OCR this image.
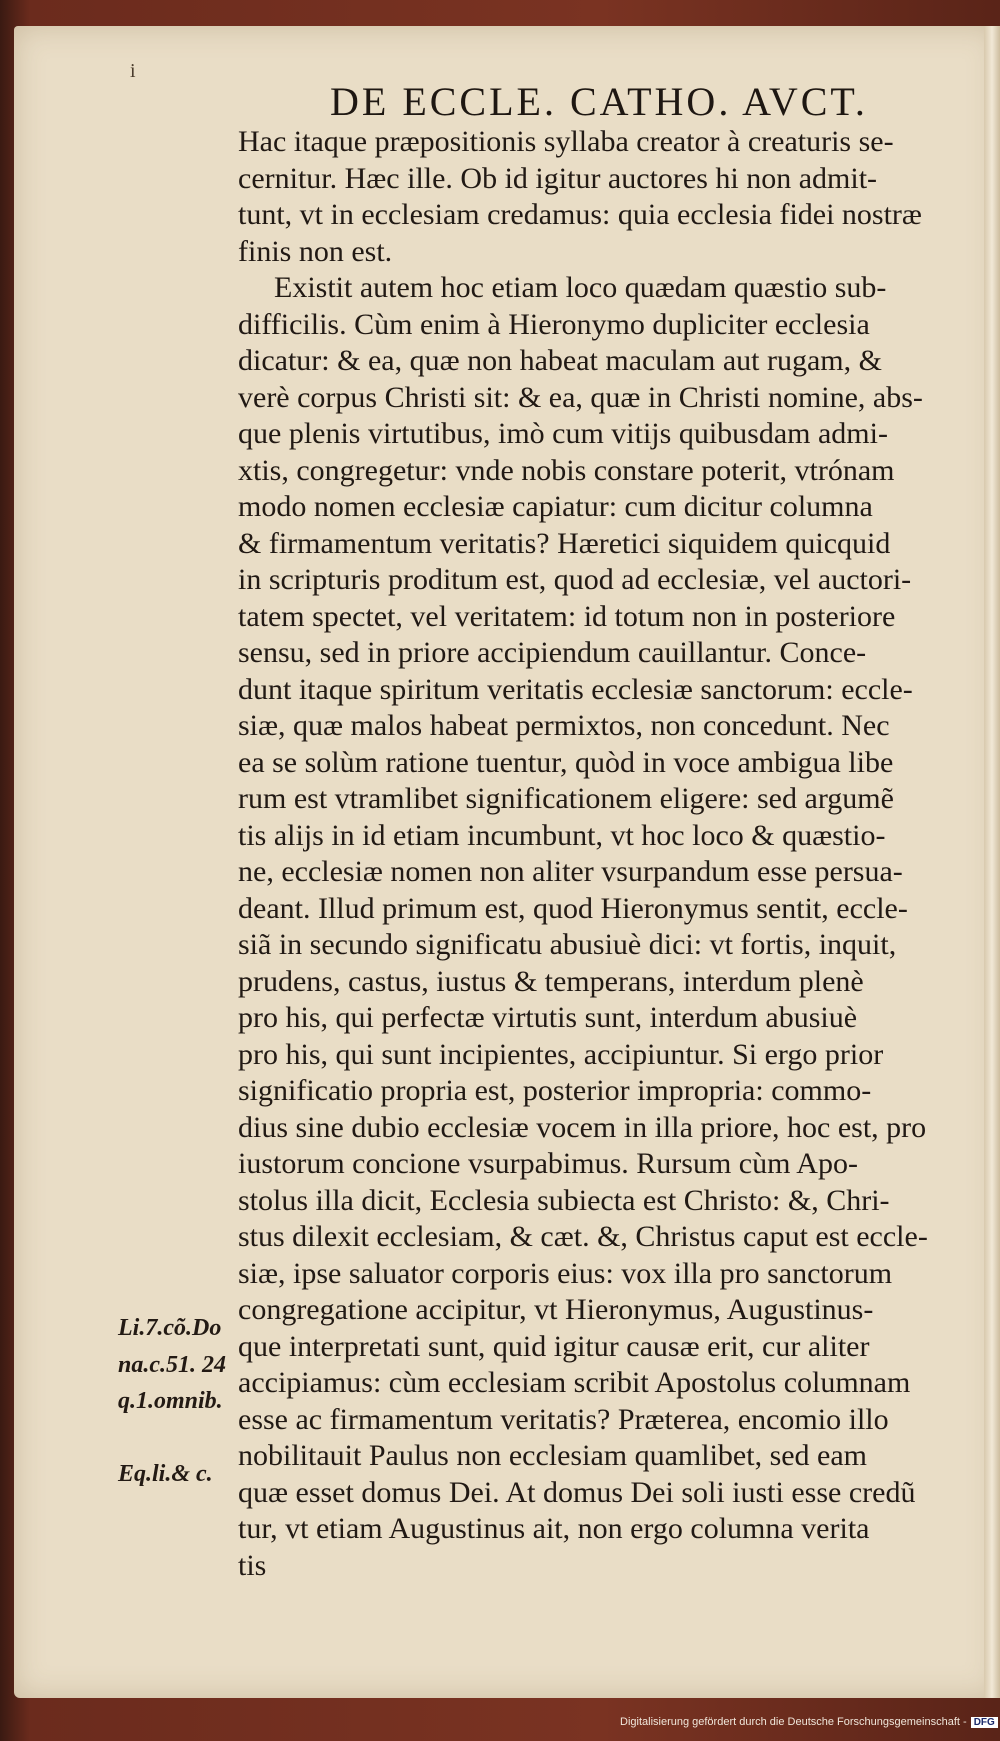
i
DE ECCLE. CATHO. AVCT.
Hac itaque præpositionis syllaba creator à creaturis se-
cernitur. Hæc ille. Ob id igitur auctores hi non admit-
tunt, vt in ecclesiam credamus: quia ecclesia fidei nostræ
finis non est.
Existit autem hoc etiam loco quædam quæstio sub-
difficilis. Cùm enim à Hieronymo dupliciter ecclesia
dicatur: & ea, quæ non habeat maculam aut rugam, &
verè corpus Christi sit: & ea, quæ in Christi nomine, abs-
que plenis virtutibus, imò cum vitijs quibusdam admi-
xtis, congregetur: vnde nobis constare poterit, vtrónam
modo nomen ecclesiæ capiatur: cum dicitur columna
& firmamentum veritatis? Hæretici siquidem quicquid
in scripturis proditum est, quod ad ecclesiæ, vel auctori-
tatem spectet, vel veritatem: id totum non in posteriore
sensu, sed in priore accipiendum cauillantur. Conce-
dunt itaque spiritum veritatis ecclesiæ sanctorum: eccle-
siæ, quæ malos habeat permixtos, non concedunt. Nec
ea se solùm ratione tuentur, quòd in voce ambigua libe
rum est vtramlibet significationem eligere: sed argumẽ
tis alijs in id etiam incumbunt, vt hoc loco & quæstio-
ne, ecclesiæ nomen non aliter vsurpandum esse persua-
deant. Illud primum est, quod Hieronymus sentit, eccle-
siã in secundo significatu abusiuè dici: vt fortis, inquit,
prudens, castus, iustus & temperans, interdum plenè
pro his, qui perfectæ virtutis sunt, interdum abusiuè
pro his, qui sunt incipientes, accipiuntur. Si ergo prior
significatio propria est, posterior impropria: commo-
dius sine dubio ecclesiæ vocem in illa priore, hoc est, pro
iustorum concione vsurpabimus. Rursum cùm Apo-
stolus illa dicit, Ecclesia subiecta est Christo: &, Chri-
stus dilexit ecclesiam, & cæt. &, Christus caput est eccle-
siæ, ipse saluator corporis eius: vox illa pro sanctorum
congregatione accipitur, vt Hieronymus, Augustinus-
que interpretati sunt, quid igitur causæ erit, cur aliter
accipiamus: cùm ecclesiam scribit Apostolus columnam
esse ac firmamentum veritatis? Præterea, encomio illo
nobilitauit Paulus non ecclesiam quamlibet, sed eam
quæ esset domus Dei. At domus Dei soli iusti esse credũ
tur, vt etiam Augustinus ait, non ergo columna verita
tis
Li.7.cõ.Do
na.c.51. 24
q.1.omnib.
Eq.li.& c.
Digitalisierung gefördert durch die Deutsche Forschungsgemeinschaft - DFG
